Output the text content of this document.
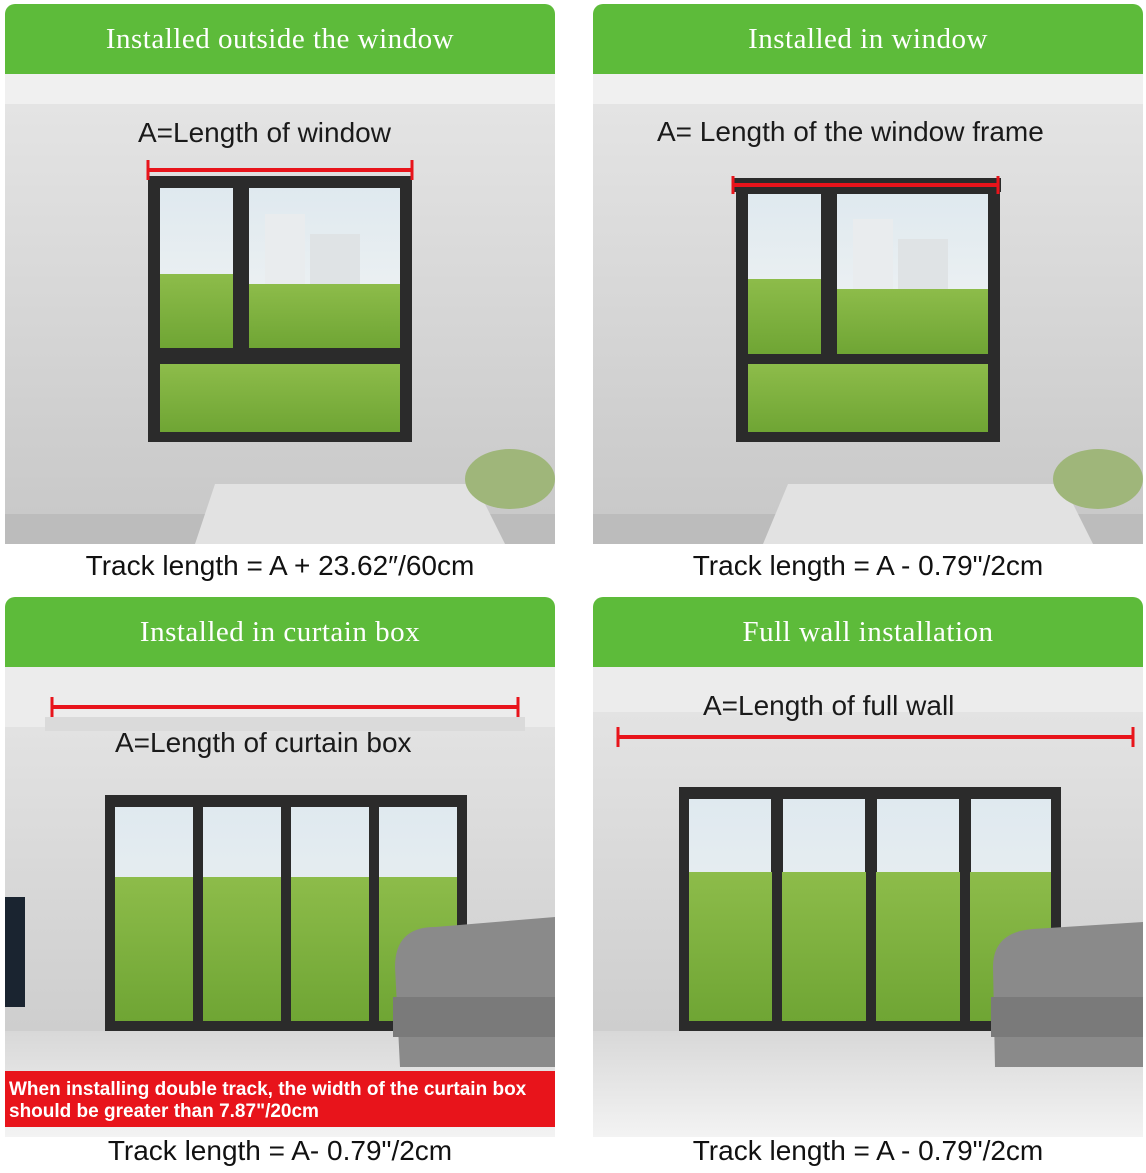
Installed outside the window
A=Length of window
Track length = A + 23.62″/60cm
Installed in window
A= Length of the window frame
Track length = A - 0.79"/2cm
Installed in curtain box
A=Length of curtain box
When installing double track, the width of the curtain box should be greater than 7.87"/20cm
Track length = A- 0.79"/2cm
Full wall installation
A=Length of full wall
Track length = A - 0.79"/2cm
